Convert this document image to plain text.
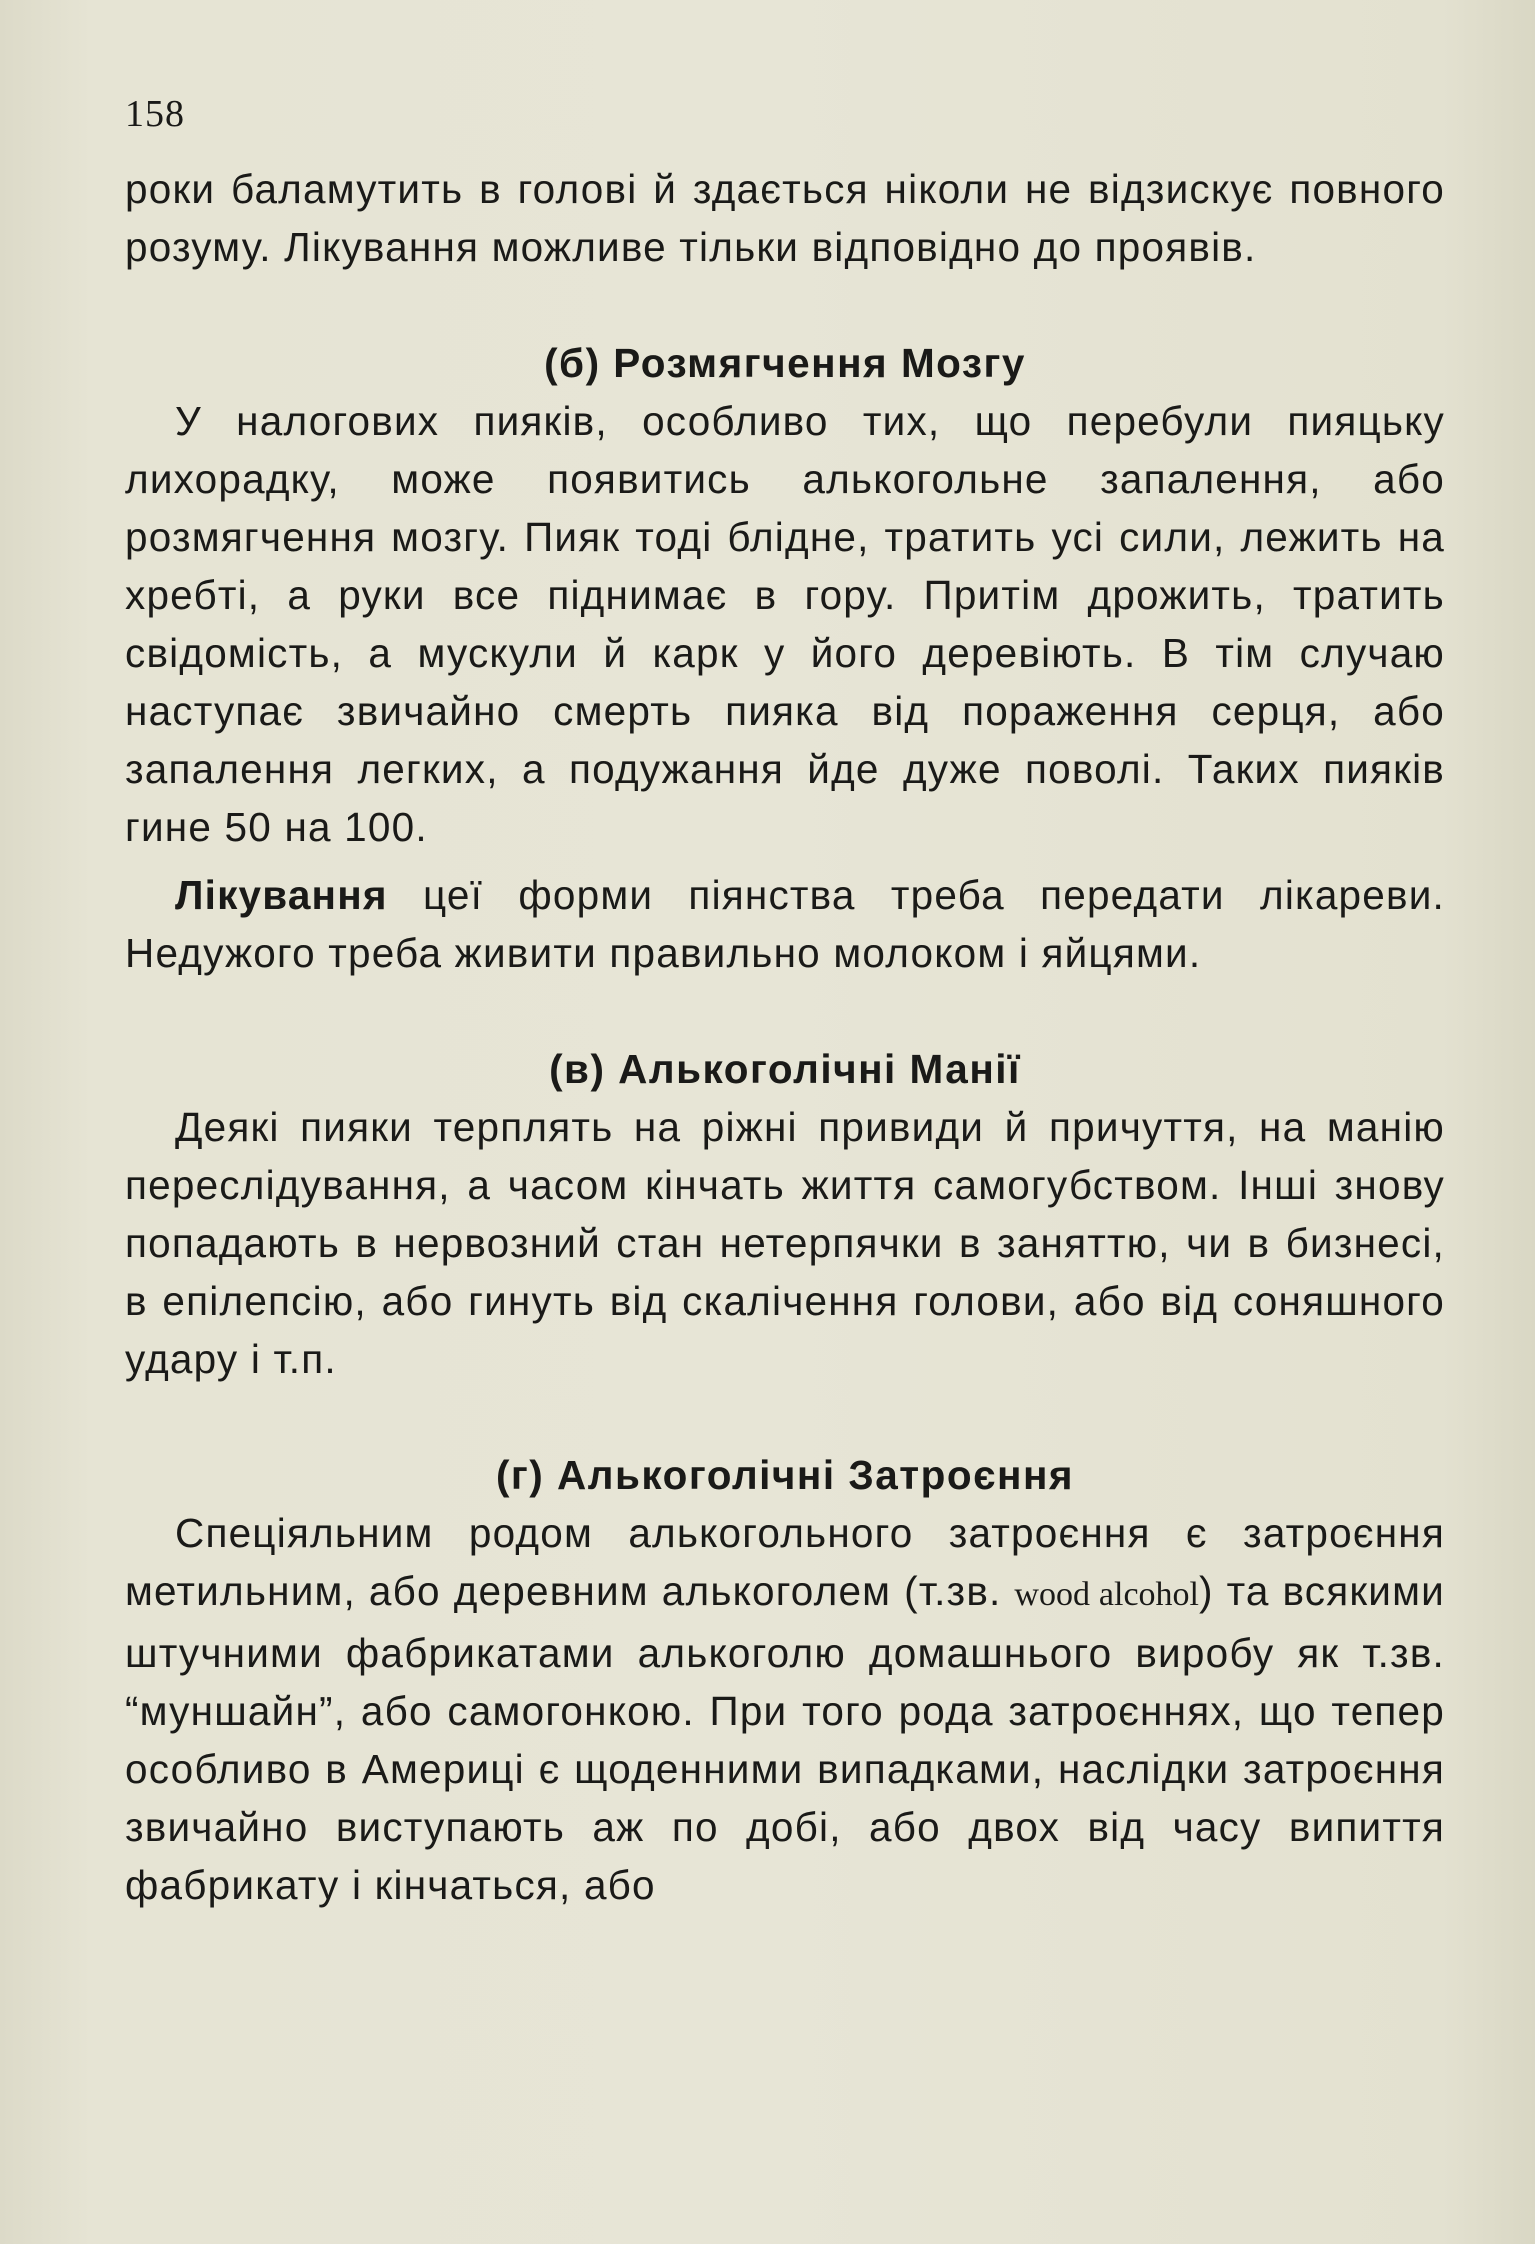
158

роки баламутить в голові й здається ніколи не відзискує повного розуму. Лікування можливе тільки відповідно до проявів.

(б) Розмягчення Мозгу

У налогових пияків, особливо тих, що перебули пияцьку лихорадку, може появитись алькогольне запалення, або розмягчення мозгу. Пияк тоді блідне, тратить усі сили, лежить на хребті, а руки все піднимає в гору. Притім дрожить, тратить свідомість, а мускули й карк у його деревіють. В тім случаю наступає звичайно смерть пияка від пораження серця, або запалення легких, а подужання йде дуже поволі. Таких пияків гине 50 на 100.

Лікування цеї форми піянства треба передати лікареви. Недужого треба живити правильно молоком і яйцями.

(в) Алькоголічні Манії

Деякі пияки терплять на ріжні привиди й причуття, на манію переслідування, а часом кінчать життя самогубством. Інші знову попадають в нервозний стан нетерпячки в заняттю, чи в бизнесі, в епілепсію, або гинуть від скалічення голови, або від соняшного удару і т.п.

(г) Алькоголічні Затроєння

Спеціяльним родом алькогольного затроєння є затроєння метильним, або деревним алькоголем (т.зв. wood alcohol) та всякими штучними фабрикатами алькоголю домашнього виробу як т.зв. “муншайн”, або самогонкою. При того рода затроєннях, що тепер особливо в Америці є щоденними випадками, наслідки затроєння звичайно виступають аж по добі, або двох від часу випиття фабрикату і кінчаться, або
